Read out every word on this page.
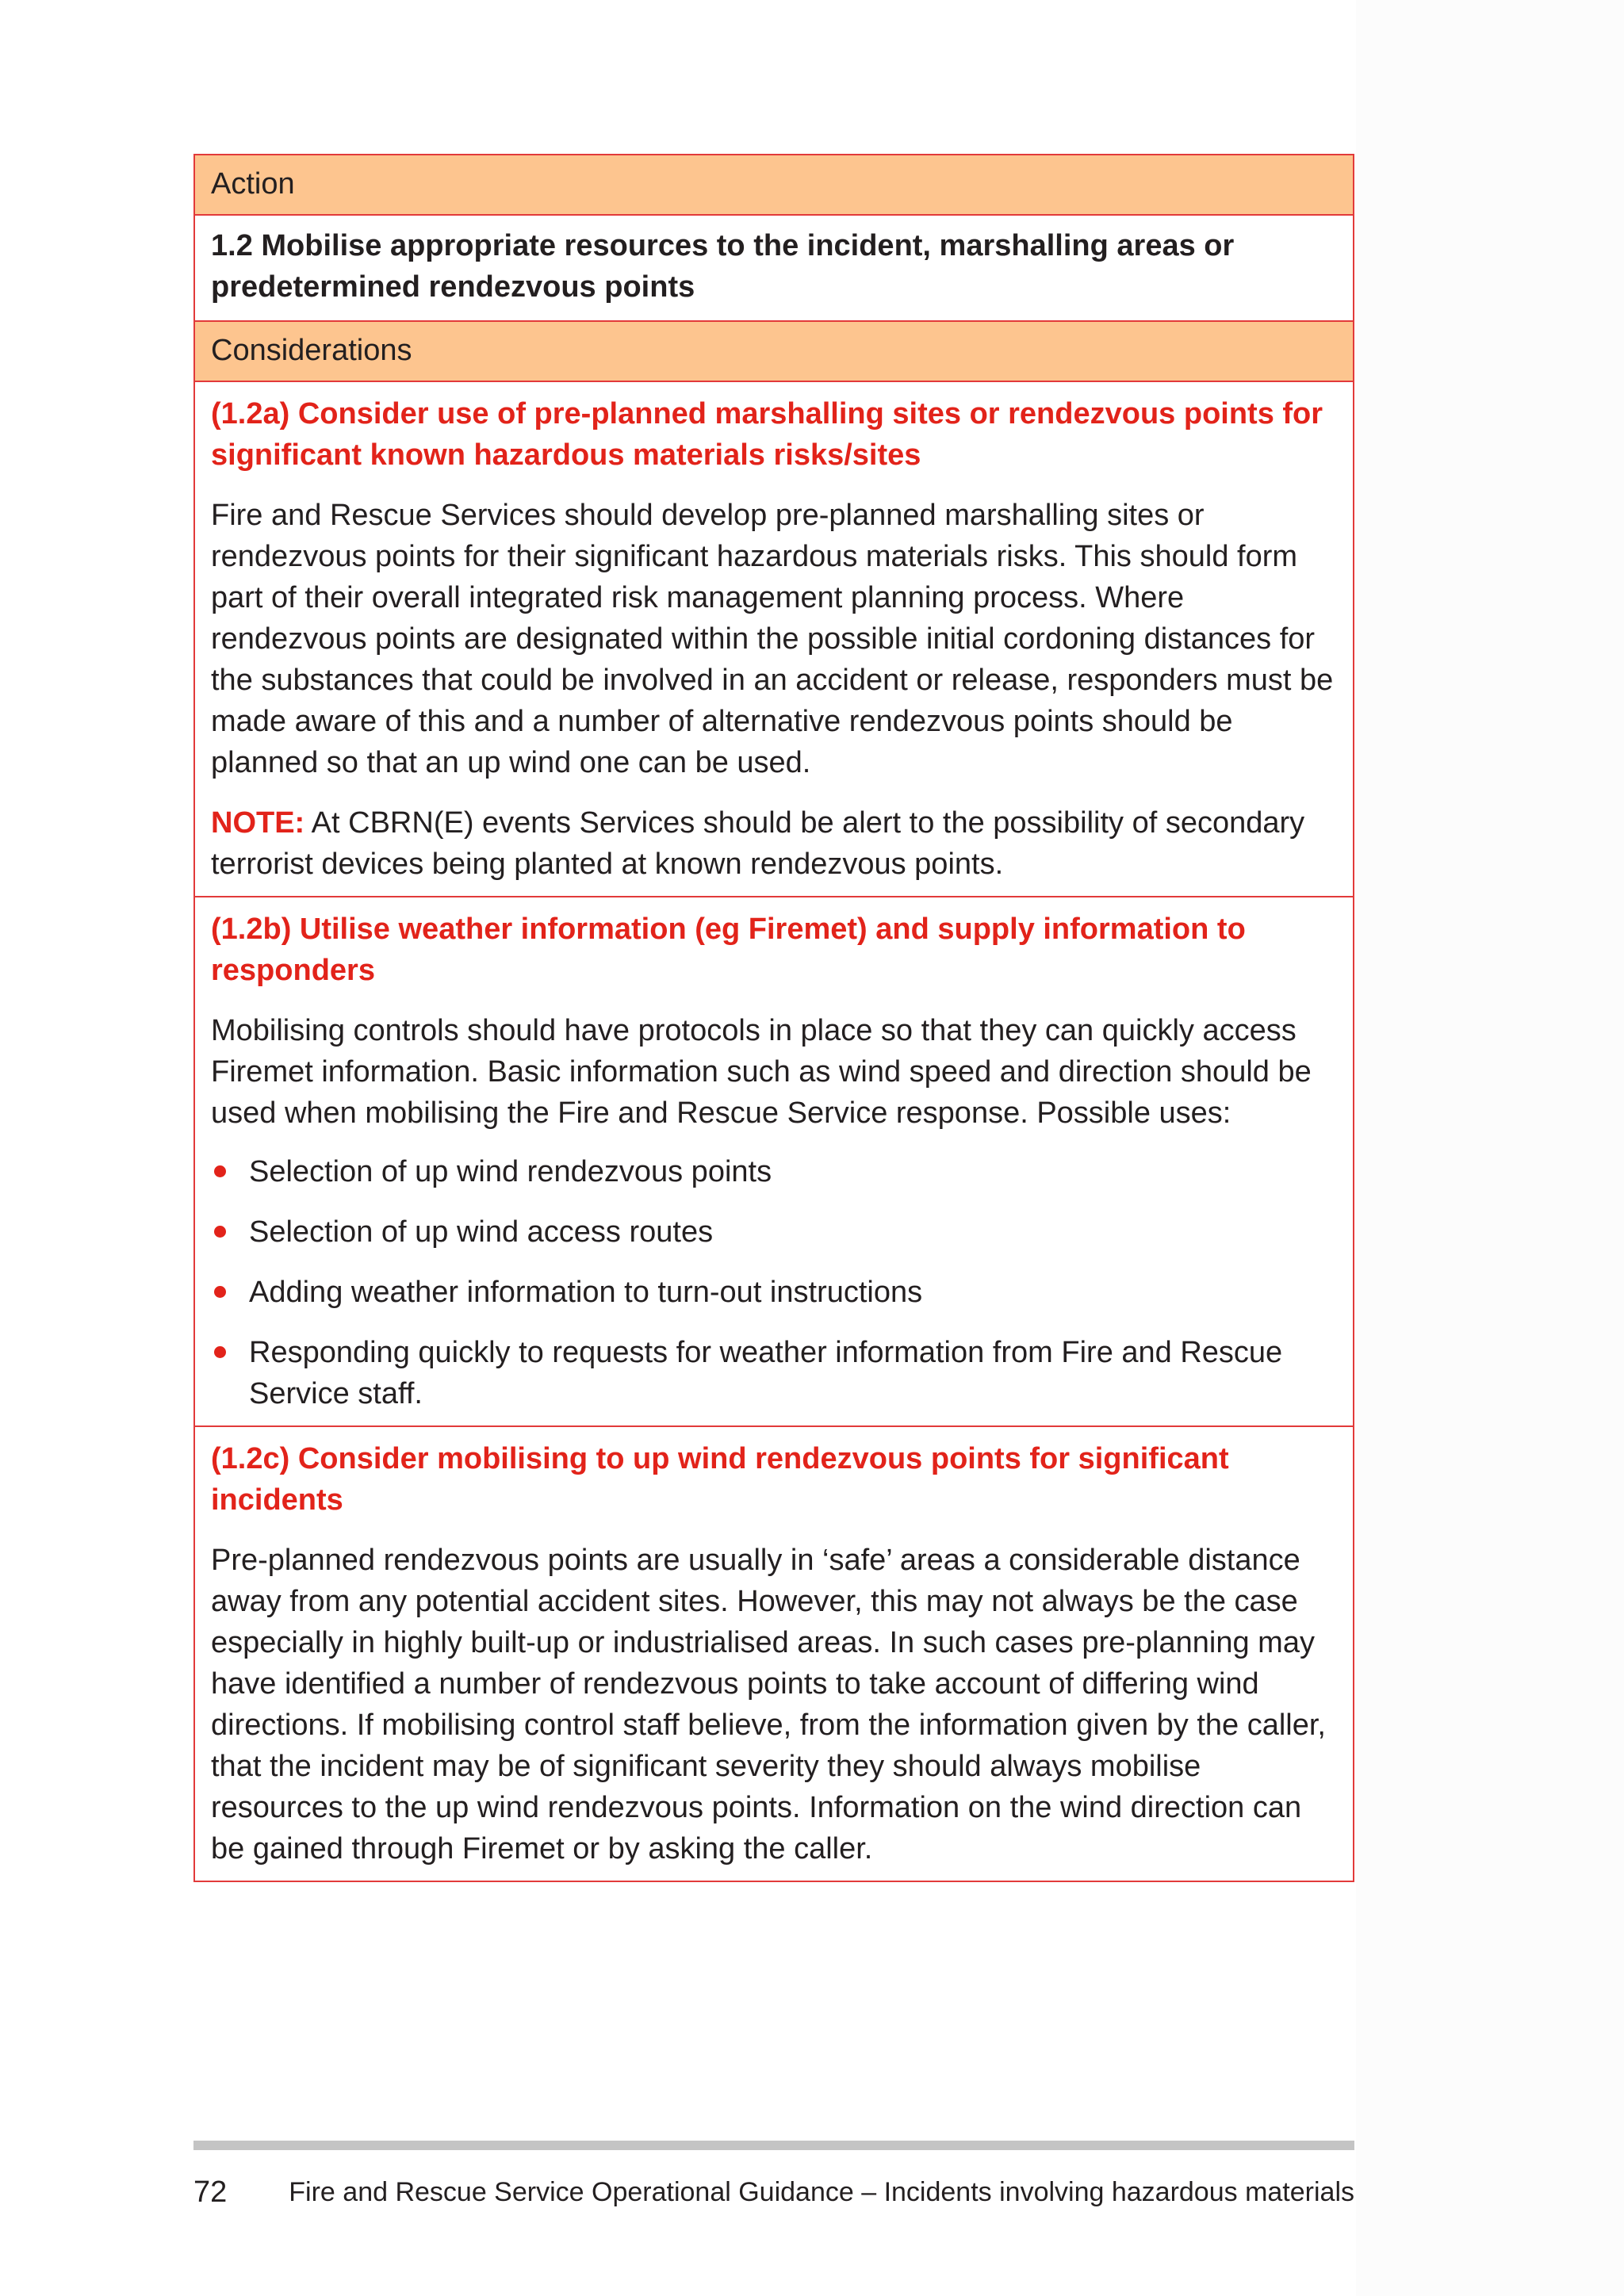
Action
1.2 Mobilise appropriate resources to the incident, marshalling areas or predetermined rendezvous points
Considerations
(1.2a) Consider use of pre-planned marshalling sites or rendezvous points for significant known hazardous materials risks/sites
Fire and Rescue Services should develop pre-planned marshalling sites or rendezvous points for their significant hazardous materials risks. This should form part of their overall integrated risk management planning process. Where rendezvous points are designated within the possible initial cordoning distances for the substances that could be involved in an accident or release, responders must be made aware of this and a number of alternative rendezvous points should be planned so that an up wind one can be used.
NOTE: At CBRN(E) events Services should be alert to the possibility of secondary terrorist devices being planted at known rendezvous points.
(1.2b) Utilise weather information (eg Firemet) and supply information to responders
Mobilising controls should have protocols in place so that they can quickly access Firemet information. Basic information such as wind speed and direction should be used when mobilising the Fire and Rescue Service response. Possible uses:
Selection of up wind rendezvous points
Selection of up wind access routes
Adding weather information to turn-out instructions
Responding quickly to requests for weather information from Fire and Rescue Service staff.
(1.2c) Consider mobilising to up wind rendezvous points for significant incidents
Pre-planned rendezvous points are usually in ‘safe’ areas a considerable distance away from any potential accident sites. However, this may not always be the case especially in highly built-up or industrialised areas. In such cases pre-planning may have identified a number of rendezvous points to take account of differing wind directions. If mobilising control staff believe, from the information given by the caller, that the incident may be of significant severity they should always mobilise resources to the up wind rendezvous points. Information on the wind direction can be gained through Firemet or by asking the caller.
72 Fire and Rescue Service Operational Guidance – Incidents involving hazardous materials
